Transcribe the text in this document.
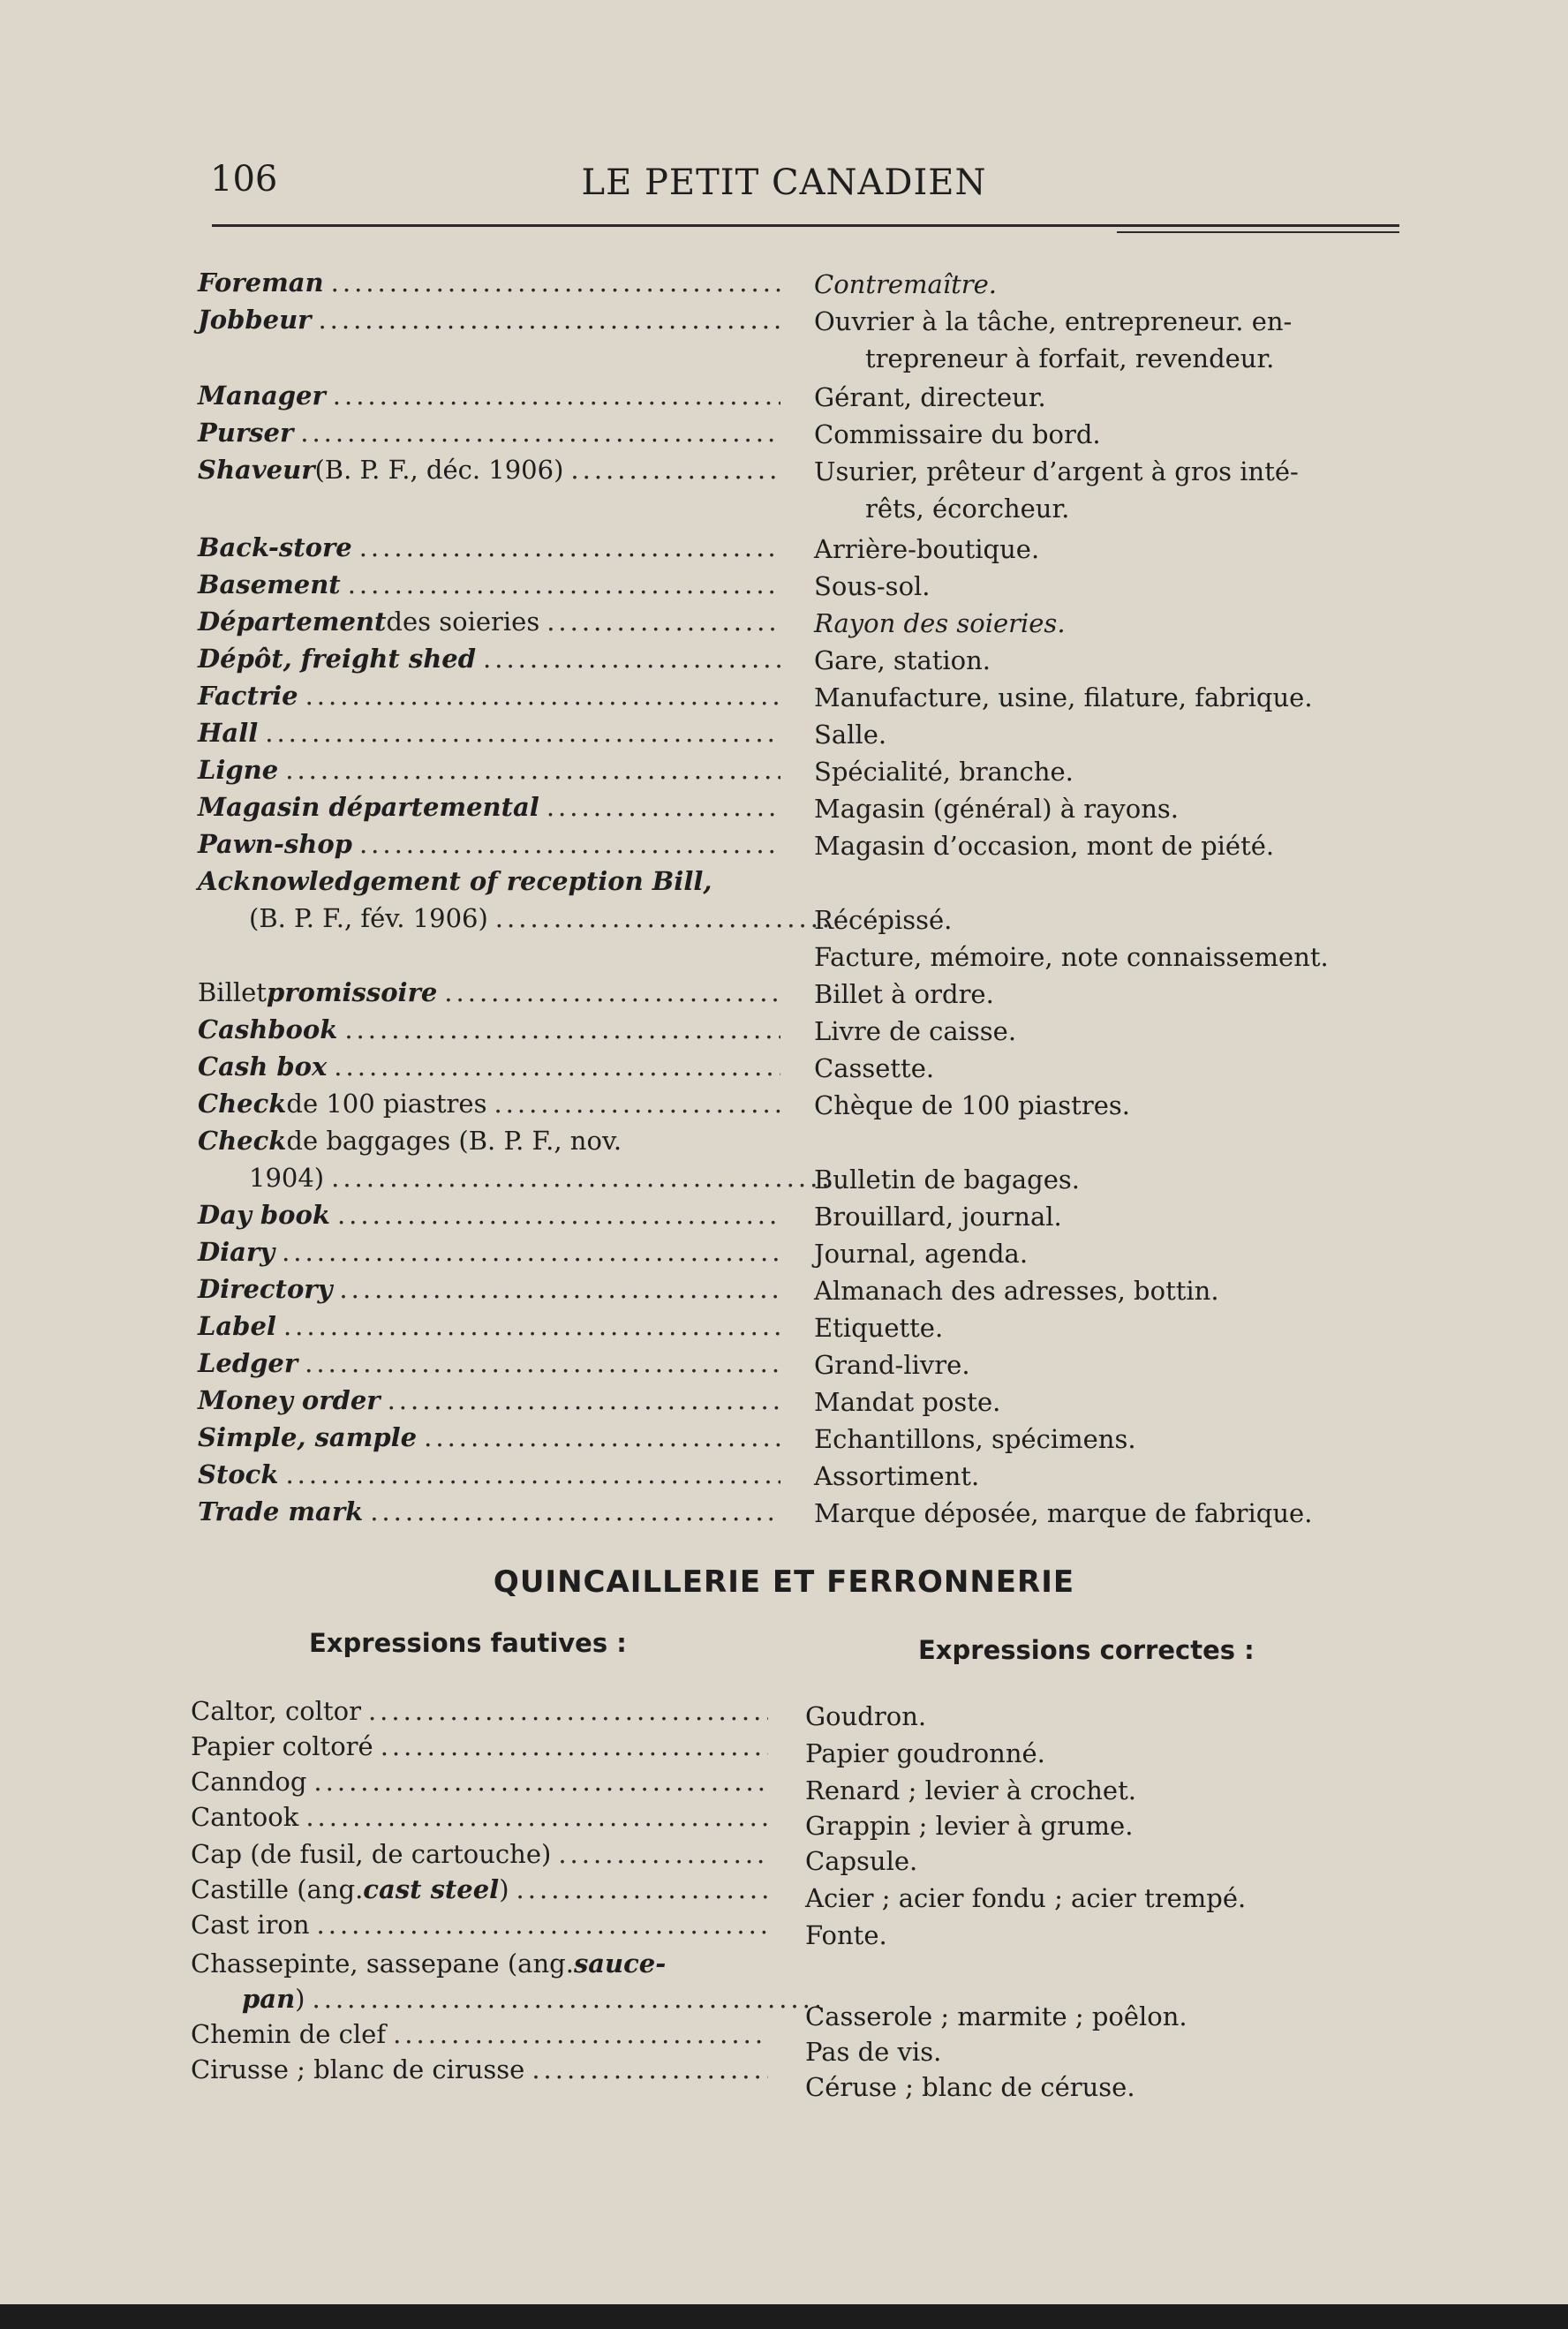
106	LE PETIT CANADIEN
Foreman
.....
Jobbeur
.....
Manager
.....
Purser
.....
Shaveur (B. P. F., déc. 1906)
.....
Back-store
.....
Basement
.....
Département des soieries
.....
Dépôt, freight shed
.....
Factrie
.....
Hall
.....
Ligne
.....
Magasin départemental
.....
Pawn-shop
.....
Acknowledgement of reception Bill,
(B. P. F., fév. 1906)
.....
Billet promissoire
.....
Cashbook
.....
Cash box
.....
Check de 100 piastres
.....
Check de baggages (B. P. F., nov.
1904)
.....
Day book
.....
Diary
.....
Directory
.....
Label
.....
Ledger
.....
Money order
.....
Simple, sample
.....
Stock
.....
Trade mark
.....
Contremaître.
Ouvrier à la tâche, entrepreneur. en-
trepreneur à forfait, revendeur.
Gérant, directeur.
Commissaire du bord.
Usurier, prêteur d’argent à gros inté-
rêts, écorcheur.
Arrière-boutique.
Sous-sol.
Rayon des soieries.
Gare, station.
Manufacture, usine, filature, fabrique.
Salle.
Spécialité, branche.
Magasin (général) à rayons.
Magasin d’occasion, mont de piété.
Récépissé.
Facture, mémoire, note connaissement.
Billet à ordre.
Livre de caisse.
Cassette.
Chèque de 100 piastres.
Bulletin de bagages.
Brouillard, journal.
Journal, agenda.
Almanach des adresses, bottin.
Etiquette.
Grand-livre.
Mandat poste.
Echantillons, spécimens.
Assortiment.
Marque déposée, marque de fabrique.
QUINCAILLERIE ET FERRONNERIE
Expressions fautives :	Expressions correctes :
Caltor, coltor
.....
Papier coltoré
.....
Canndog
.....
Cantook
.....
Cap (de fusil, de cartouche)
.....
Castille (ang. cast steel )
.....
Cast iron
.....
Chassepinte, sassepane (ang. sauce-
pan )
.....
Chemin de clef
.....
Cirusse ; blanc de cirusse
.....
Goudron.
Papier goudronné.
Renard ; levier à crochet.
Grappin ; levier à grume.
Capsule.
Acier ; acier fondu ; acier trempé.
Fonte.
Casserole ; marmite ; poêlon.
Pas de vis.
Céruse ; blanc de céruse.
